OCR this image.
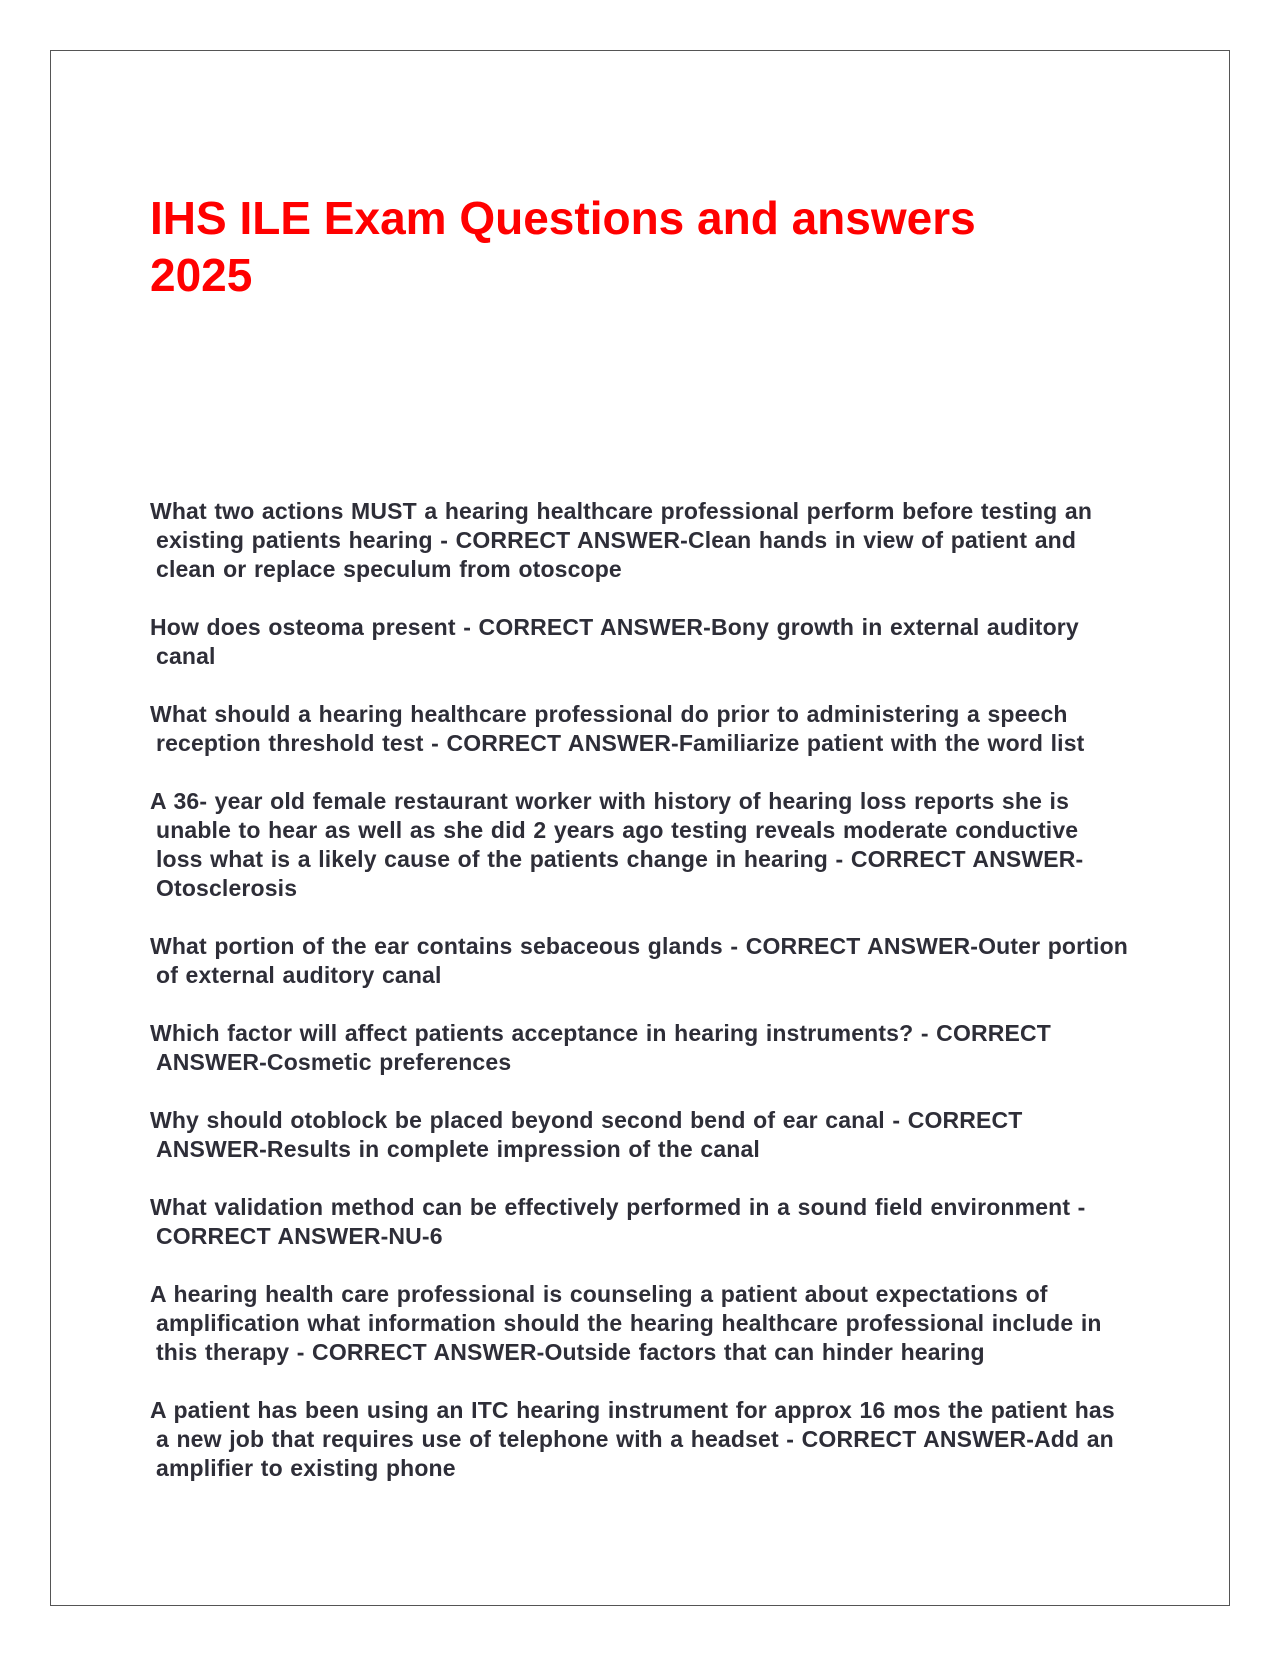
IHS ILE Exam Questions and answers 2025

What two actions MUST a hearing healthcare professional perform before testing an existing patients hearing - CORRECT ANSWER-Clean hands in view of patient and clean or replace speculum from otoscope

How does osteoma present - CORRECT ANSWER-Bony growth in external auditory canal

What should a hearing healthcare professional do prior to administering a speech reception threshold test - CORRECT ANSWER-Familiarize patient with the word list

A 36- year old female restaurant worker with history of hearing loss reports she is unable to hear as well as she did 2 years ago testing reveals moderate conductive loss what is a likely cause of the patients change in hearing - CORRECT ANSWER-Otosclerosis

What portion of the ear contains sebaceous glands - CORRECT ANSWER-Outer portion of external auditory canal

Which factor will affect patients acceptance in hearing instruments? - CORRECT ANSWER-Cosmetic preferences

Why should otoblock be placed beyond second bend of ear canal - CORRECT ANSWER-Results in complete impression of the canal

What validation method can be effectively performed in a sound field environment - CORRECT ANSWER-NU-6

A hearing health care professional is counseling a patient about expectations of amplification what information should the hearing healthcare professional include in this therapy - CORRECT ANSWER-Outside factors that can hinder hearing

A patient has been using an ITC hearing instrument for approx 16 mos the patient has a new job that requires use of telephone with a headset - CORRECT ANSWER-Add an amplifier to existing phone
